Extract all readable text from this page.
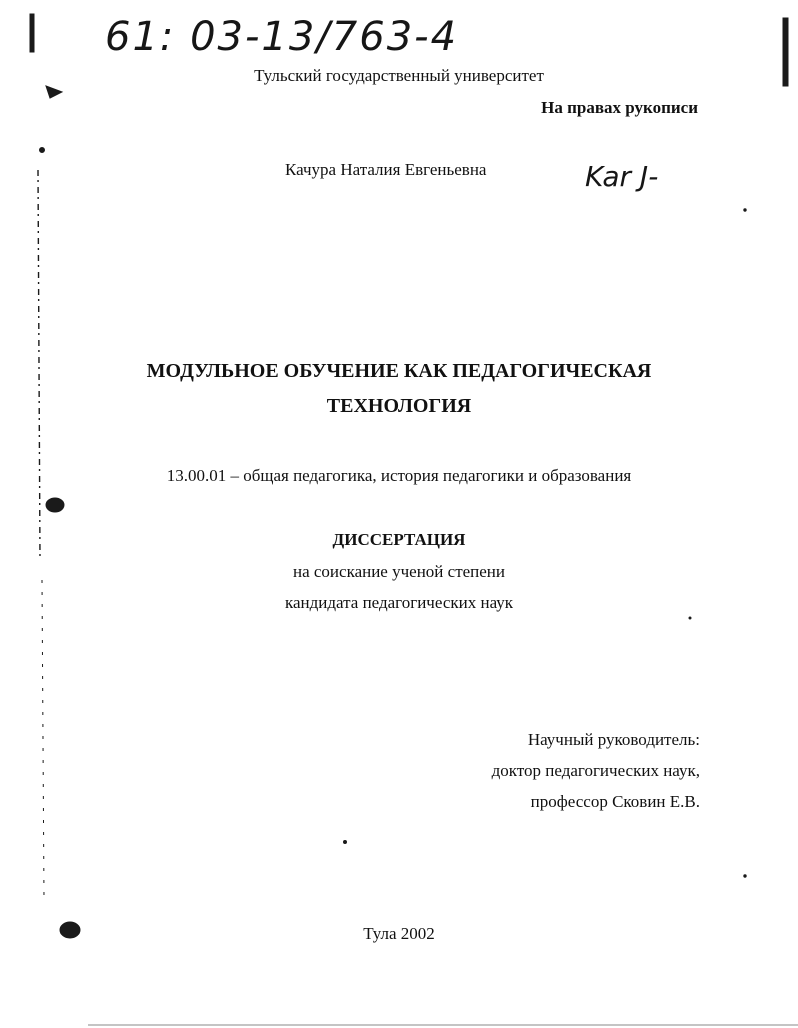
61: 03-13/763-4
Тульский государственный университет
На правах рукописи
Качура Наталия Евгеньевна	Kar J-
МОДУЛЬНОЕ ОБУЧЕНИЕ КАК ПЕДАГОГИЧЕСКАЯ
ТЕХНОЛОГИЯ
13.00.01 – общая педагогика, история педагогики и образования
ДИССЕРТАЦИЯ
на соискание ученой степени
кандидата педагогических наук
Научный руководитель:
доктор педагогических наук,
профессор Сковин Е.В.
Тула 2002
